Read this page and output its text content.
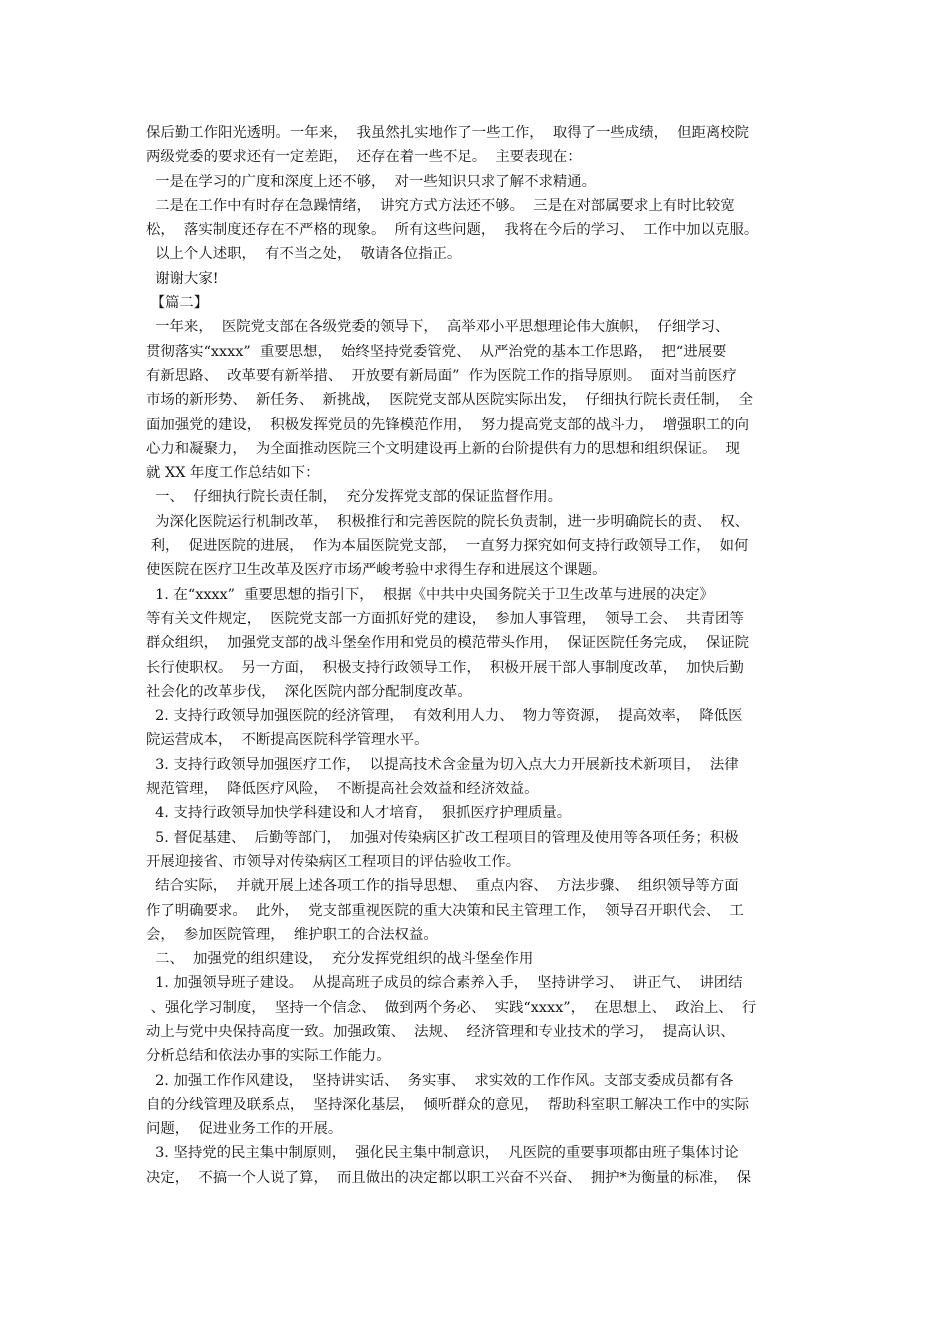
保后勤工作阳光透明。一年来，  我虽然扎实地作了一些工作，  取得了一些成绩，  但距离校院
两级党委的要求还有一定差距，  还存在着一些不足。  主要表现在：
一是在学习的广度和深度上还不够，  对一些知识只求了解不求精通。
二是在工作中有时存在急躁情绪，  讲究方式方法还不够。  三是在对部属要求上有时比较宽
松，  落实制度还存在不严格的现象。  所有这些问题，  我将在今后的学习、  工作中加以克服。
以上个人述职，  有不当之处，  敬请各位指正。
谢谢大家!
【篇二】
一年来，  医院党支部在各级党委的领导下，  高举邓小平思想理论伟大旗帜，  仔细学习、
贯彻落实“xxxx”  重要思想，  始终坚持党委管党、  从严治党的基本工作思路，  把“进展要
有新思路、  改革要有新举措、  开放要有新局面”  作为医院工作的指导原则。  面对当前医疗
市场的新形势、  新任务、  新挑战，  医院党支部从医院实际出发，  仔细执行院长责任制，  全
面加强党的建设，  积极发挥党员的先锋模范作用，  努力提高党支部的战斗力，  增强职工的向
心力和凝聚力，  为全面推动医院三个文明建设再上新的台阶提供有力的思想和组织保证。  现
就 XX 年度工作总结如下：
一、  仔细执行院长责任制，  充分发挥党支部的保证监督作用。
为深化医院运行机制改革，  积极推行和完善医院的院长负责制，进一步明确院长的责、  权、
利，  促进医院的进展，  作为本届医院党支部，  一直努力探究如何支持行政领导工作，  如何
使医院在医疗卫生改革及医疗市场严峻考验中求得生存和进展这个课题。
1. 在“xxxx”  重要思想的指引下，  根据《中共中央国务院关于卫生改革与进展的决定》
等有关文件规定，  医院党支部一方面抓好党的建设，  参加人事管理，  领导工会、  共青团等
群众组织，  加强党支部的战斗堡垒作用和党员的模范带头作用，  保证医院任务完成，  保证院
长行使职权。  另一方面，  积极支持行政领导工作，  积极开展干部人事制度改革，  加快后勤
社会化的改革步伐，  深化医院内部分配制度改革。
2. 支持行政领导加强医院的经济管理，  有效利用人力、  物力等资源，  提高效率，  降低医
院运营成本，  不断提高医院科学管理水平。
3. 支持行政领导加强医疗工作，  以提高技术含金量为切入点大力开展新技术新项目，  法律
规范管理，  降低医疗风险，  不断提高社会效益和经济效益。
4. 支持行政领导加快学科建设和人才培育，  狠抓医疗护理质量。
5. 督促基建、  后勤等部门，  加强对传染病区扩改工程项目的管理及使用等各项任务；积极
开展迎接省、市领导对传染病区工程项目的评估验收工作。
结合实际，  并就开展上述各项工作的指导思想、  重点内容、  方法步骤、  组织领导等方面
作了明确要求。  此外，  党支部重视医院的重大决策和民主管理工作，  领导召开职代会、  工
会，  参加医院管理，  维护职工的合法权益。
二、  加强党的组织建设，  充分发挥党组织的战斗堡垒作用
1. 加强领导班子建设。  从提高班子成员的综合素养入手，  坚持讲学习、  讲正气、  讲团结
、强化学习制度，  坚持一个信念、  做到两个务必、  实践“xxxx”，  在思想上、  政治上、  行
动上与党中央保持高度一致。加强政策、  法规、  经济管理和专业技术的学习，  提高认识、
分析总结和依法办事的实际工作能力。
2. 加强工作作风建设，  坚持讲实话、  务实事、  求实效的工作作风。支部支委成员都有各
自的分线管理及联系点，  坚持深化基层，  倾听群众的意见，  帮助科室职工解决工作中的实际
问题，  促进业务工作的开展。
3. 坚持党的民主集中制原则，  强化民主集中制意识，  凡医院的重要事项都由班子集体讨论
决定，  不搞一个人说了算，  而且做出的决定都以职工兴奋不兴奋、  拥护*为衡量的标准，  保
